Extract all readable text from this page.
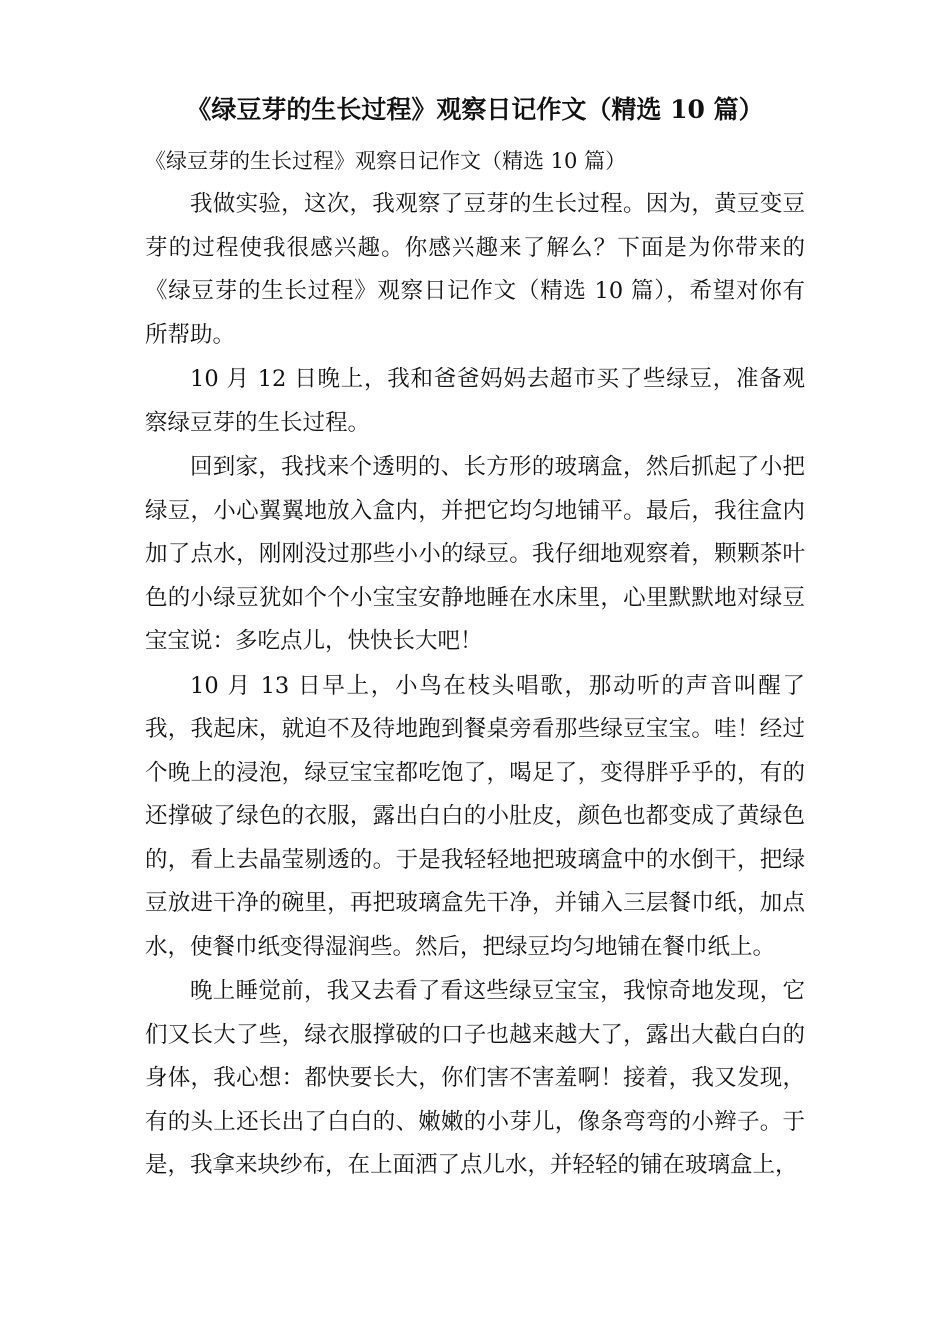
《绿豆芽的生长过程》观察日记作文（精选 10 篇）

《绿豆芽的生长过程》观察日记作文（精选 10 篇）

我做实验，这次，我观察了豆芽的生长过程。因为，黄豆变豆芽的过程使我很感兴趣。你感兴趣来了解么？下面是为你带来的《绿豆芽的生长过程》观察日记作文（精选 10 篇），希望对你有所帮助。

10 月 12 日晚上，我和爸爸妈妈去超市买了些绿豆，准备观察绿豆芽的生长过程。

回到家，我找来个透明的、长方形的玻璃盒，然后抓起了小把绿豆，小心翼翼地放入盒内，并把它均匀地铺平。最后，我往盒内加了点水，刚刚没过那些小小的绿豆。我仔细地观察着，颗颗茶叶色的小绿豆犹如个个小宝宝安静地睡在水床里，心里默默地对绿豆宝宝说：多吃点儿，快快长大吧！

10 月 13 日早上，小鸟在枝头唱歌，那动听的声音叫醒了我，我起床，就迫不及待地跑到餐桌旁看那些绿豆宝宝。哇！经过个晚上的浸泡，绿豆宝宝都吃饱了，喝足了，变得胖乎乎的，有的还撑破了绿色的衣服，露出白白的小肚皮，颜色也都变成了黄绿色的，看上去晶莹剔透的。于是我轻轻地把玻璃盒中的水倒干，把绿豆放进干净的碗里，再把玻璃盒先干净，并铺入三层餐巾纸，加点水，使餐巾纸变得湿润些。然后，把绿豆均匀地铺在餐巾纸上。

晚上睡觉前，我又去看了看这些绿豆宝宝，我惊奇地发现，它们又长大了些，绿衣服撑破的口子也越来越大了，露出大截白白的身体，我心想：都快要长大，你们害不害羞啊！接着，我又发现，有的头上还长出了白白的、嫩嫩的小芽儿，像条弯弯的小辫子。于是，我拿来块纱布，在上面洒了点儿水，并轻轻的铺在玻璃盒上，
